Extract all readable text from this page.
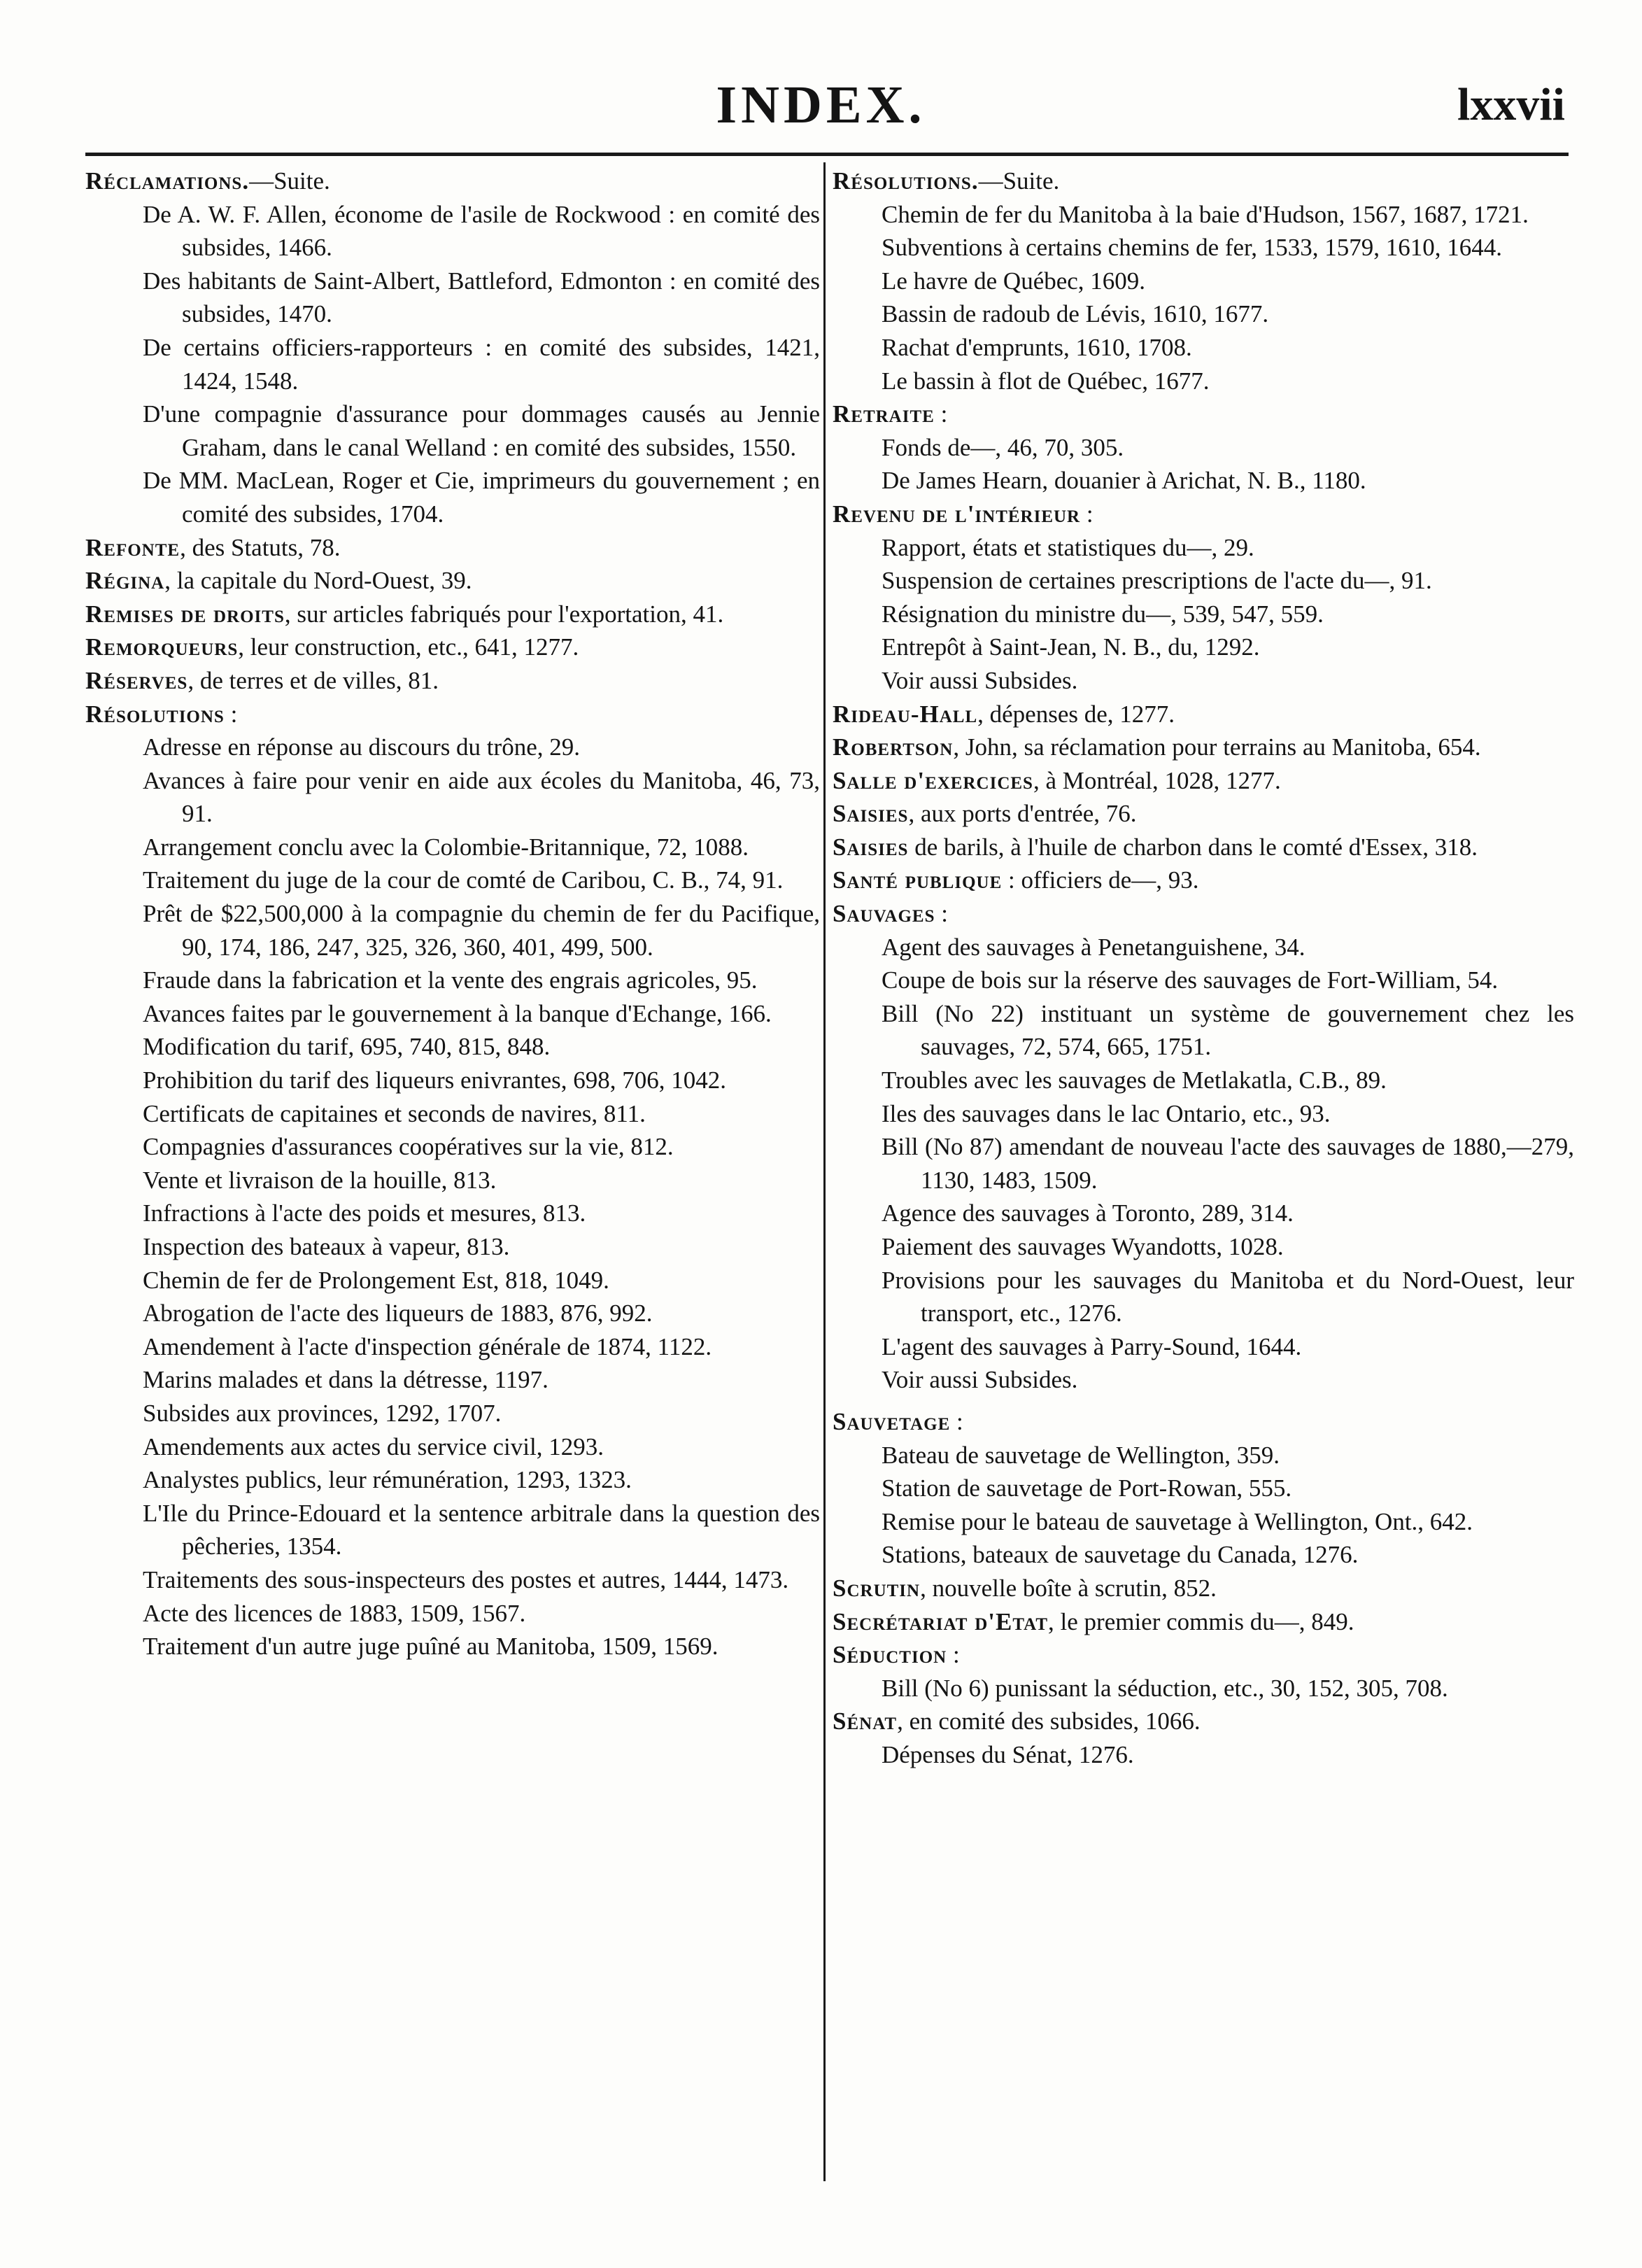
INDEX.	lxxvii
Réclamations.—Suite.
De A. W. F. Allen, économe de l'asile de Rockwood : en comité des subsides, 1466.
Des habitants de Saint-Albert, Battleford, Edmonton : en comité des subsides, 1470.
De certains officiers-rapporteurs : en comité des subsides, 1421, 1424, 1548.
D'une compagnie d'assurance pour dommages causés au Jennie Graham, dans le canal Welland : en comité des subsides, 1550.
De MM. MacLean, Roger et Cie, imprimeurs du gouvernement ; en comité des subsides, 1704.
Refonte, des Statuts, 78.
Régina, la capitale du Nord-Ouest, 39.
Remises de droits, sur articles fabriqués pour l'exportation, 41.
Remorqueurs, leur construction, etc., 641, 1277.
Réserves, de terres et de villes, 81.
Résolutions :
Adresse en réponse au discours du trône, 29.
Avances à faire pour venir en aide aux écoles du Manitoba, 46, 73, 91.
Arrangement conclu avec la Colombie-Britannique, 72, 1088.
Traitement du juge de la cour de comté de Caribou, C. B., 74, 91.
Prêt de $22,500,000 à la compagnie du chemin de fer du Pacifique, 90, 174, 186, 247, 325, 326, 360, 401, 499, 500.
Fraude dans la fabrication et la vente des engrais agricoles, 95.
Avances faites par le gouvernement à la banque d'Echange, 166.
Modification du tarif, 695, 740, 815, 848.
Prohibition du tarif des liqueurs enivrantes, 698, 706, 1042.
Certificats de capitaines et seconds de navires, 811.
Compagnies d'assurances coopératives sur la vie, 812.
Vente et livraison de la houille, 813.
Infractions à l'acte des poids et mesures, 813.
Inspection des bateaux à vapeur, 813.
Chemin de fer de Prolongement Est, 818, 1049.
Abrogation de l'acte des liqueurs de 1883, 876, 992.
Amendement à l'acte d'inspection générale de 1874, 1122.
Marins malades et dans la détresse, 1197.
Subsides aux provinces, 1292, 1707.
Amendements aux actes du service civil, 1293.
Analystes publics, leur rémunération, 1293, 1323.
L'Ile du Prince-Edouard et la sentence arbitrale dans la question des pêcheries, 1354.
Traitements des sous-inspecteurs des postes et autres, 1444, 1473.
Acte des licences de 1883, 1509, 1567.
Traitement d'un autre juge puîné au Manitoba, 1509, 1569.
Résolutions.—Suite.
Chemin de fer du Manitoba à la baie d'Hudson, 1567, 1687, 1721.
Subventions à certains chemins de fer, 1533, 1579, 1610, 1644.
Le havre de Québec, 1609.
Bassin de radoub de Lévis, 1610, 1677.
Rachat d'emprunts, 1610, 1708.
Le bassin à flot de Québec, 1677.
Retraite :
Fonds de—, 46, 70, 305.
De James Hearn, douanier à Arichat, N. B., 1180.
Revenu de l'intérieur :
Rapport, états et statistiques du—, 29.
Suspension de certaines prescriptions de l'acte du—, 91.
Résignation du ministre du—, 539, 547, 559.
Entrepôt à Saint-Jean, N. B., du, 1292.
Voir aussi Subsides.
Rideau-Hall, dépenses de, 1277.
Robertson, John, sa réclamation pour terrains au Manitoba, 654.
Salle d'exercices, à Montréal, 1028, 1277.
Saisies, aux ports d'entrée, 76.
Saisies de barils, à l'huile de charbon dans le comté d'Essex, 318.
Santé publique : officiers de—, 93.
Sauvages :
Agent des sauvages à Penetanguishene, 34.
Coupe de bois sur la réserve des sauvages de Fort-William, 54.
Bill (No 22) instituant un système de gouvernement chez les sauvages, 72, 574, 665, 1751.
Troubles avec les sauvages de Metlakatla, C.B., 89.
Iles des sauvages dans le lac Ontario, etc., 93.
Bill (No 87) amendant de nouveau l'acte des sauvages de 1880,—279, 1130, 1483, 1509.
Agence des sauvages à Toronto, 289, 314.
Paiement des sauvages Wyandotts, 1028.
Provisions pour les sauvages du Manitoba et du Nord-Ouest, leur transport, etc., 1276.
L'agent des sauvages à Parry-Sound, 1644.
Voir aussi Subsides.
Sauvetage :
Bateau de sauvetage de Wellington, 359.
Station de sauvetage de Port-Rowan, 555.
Remise pour le bateau de sauvetage à Wellington, Ont., 642.
Stations, bateaux de sauvetage du Canada, 1276.
Scrutin, nouvelle boîte à scrutin, 852.
Secrétariat d'Etat, le premier commis du—, 849.
Séduction :
Bill (No 6) punissant la séduction, etc., 30, 152, 305, 708.
Sénat, en comité des subsides, 1066.
Dépenses du Sénat, 1276.
